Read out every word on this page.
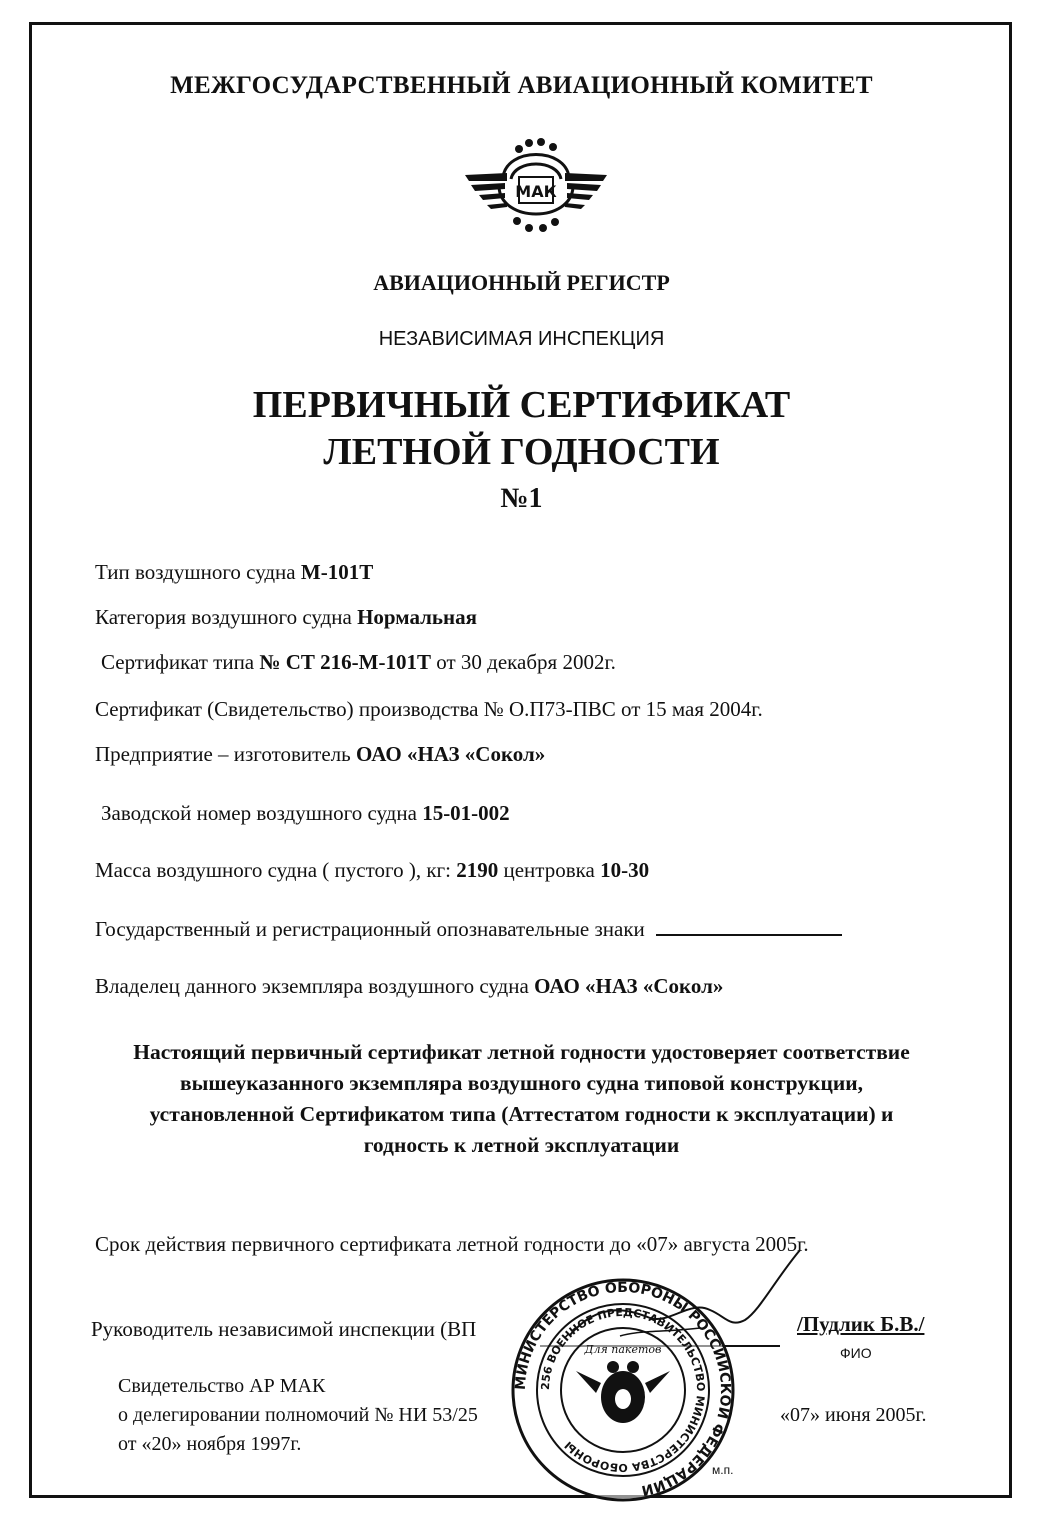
МЕЖГОСУДАРСТВЕННЫЙ АВИАЦИОННЫЙ КОМИТЕТ
МАК
АВИАЦИОННЫЙ РЕГИСТР
НЕЗАВИСИМАЯ ИНСПЕКЦИЯ
ПЕРВИЧНЫЙ СЕРТИФИКАТ
ЛЕТНОЙ ГОДНОСТИ
№1
Тип воздушного судна М-101Т
Категория воздушного судна Нормальная
Сертификат типа № СТ 216-М-101Т от 30 декабря 2002г.
Сертификат (Свидетельство) производства № О.П73-ПВС от 15 мая 2004г.
Предприятие – изготовитель ОАО «НАЗ «Сокол»
Заводской номер воздушного судна 15-01-002
Масса воздушного судна ( пустого ), кг: 2190 центровка 10-30
Государственный и регистрационный опознавательные знаки
Владелец данного экземпляра воздушного судна ОАО «НАЗ «Сокол»
Настоящий первичный сертификат летной годности удостоверяет соответствие
вышеуказанного экземпляра воздушного судна типовой конструкции,
установленной Сертификатом типа (Аттестатом годности к эксплуатации) и
годность к летной эксплуатации
Срок действия первичного сертификата летной годности до «07» августа 2005г.
Руководитель независимой инспекции (ВП	/Пудлик Б.В./
ФИО
Свидетельство АР МАК
о делегировании полномочий № НИ 53/25
от «20» ноября 1997г.
«07» июня 2005г.
МИНИСТЕРСТВО ОБОРОНЫ РОССИЙСКОЙ ФЕДЕРАЦИИ
256 ВОЕННОЕ ПРЕДСТАВИТЕЛЬСТВО МИНИСТЕРСТВА ОБОРОНЫ
Для пакетов
м.п.
